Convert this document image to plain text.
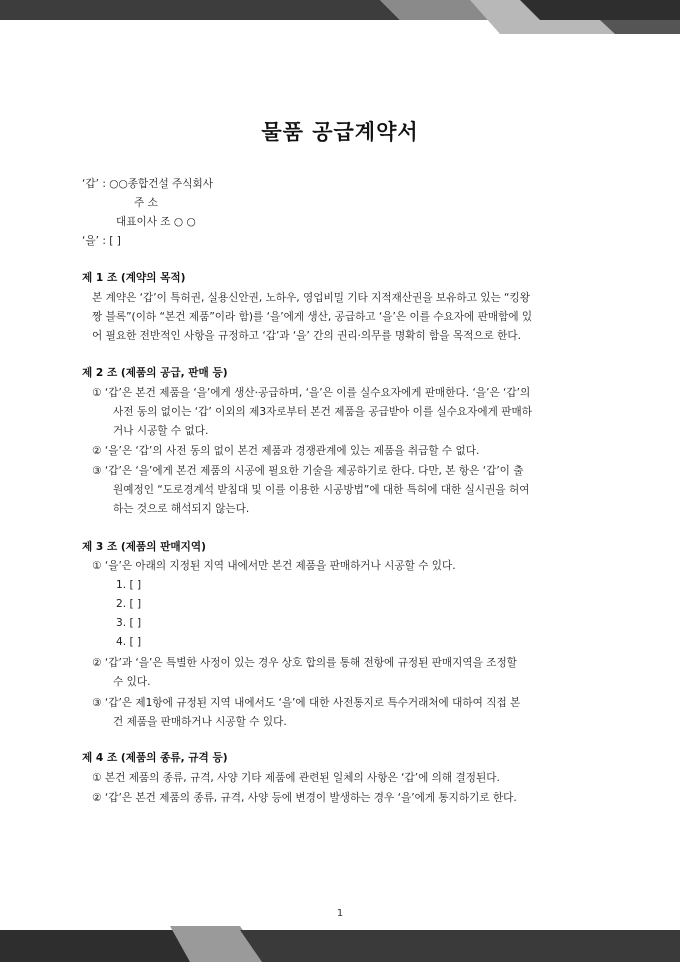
물품 공급계약서
‘갑’ : ○○종합건설 주식회사
주 소
대표이사 조 ○ ○
‘을’ : [ ]
제 1 조 (계약의 목적)
본 계약은 ‘갑’이 특허권, 실용신안권, 노하우, 영업비밀 기타 지적재산권을 보유하고 있는 “킹왕
짱 블록”(이하 “본건 제품”이라 함)를 ‘을’에게 생산, 공급하고 ‘을’은 이를 수요자에 판매함에 있
어 필요한 전반적인 사항을 규정하고 ‘갑’과 ‘을’ 간의 권리·의무를 명확히 함을 목적으로 한다.
제 2 조 (제품의 공급, 판매 등)
① ‘갑’은 본건 제품을 ‘을’에게 생산·공급하며, ‘을’은 이를 실수요자에게 판매한다. ‘을’은 ‘갑’의
사전 동의 없이는 ‘갑’ 이외의 제3자로부터 본건 제품을 공급받아 이를 실수요자에게 판매하
거나 시공할 수 없다.
② ‘을’은 ‘갑’의 사전 동의 없이 본건 제품과 경쟁관계에 있는 제품을 취급할 수 없다.
③ ‘갑’은 ‘을’에게 본건 제품의 시공에 필요한 기술을 제공하기로 한다. 다만, 본 항은 ‘갑’이 출
원예정인 “도로경계석 받침대 및 이를 이용한 시공방법”에 대한 특허에 대한 실시권을 허여
하는 것으로 해석되지 않는다.
제 3 조 (제품의 판매지역)
① ‘을’은 아래의 지정된 지역 내에서만 본건 제품을 판매하거나 시공할 수 있다.
1. [ ]
2. [ ]
3. [ ]
4. [ ]
② ‘갑’과 ‘을’은 특별한 사정이 있는 경우 상호 합의를 통해 전항에 규정된 판매지역을 조정할
수 있다.
③ ‘갑’은 제1항에 규정된 지역 내에서도 ‘을’에 대한 사전통지로 특수거래처에 대하여 직접 본
건 제품을 판매하거나 시공할 수 있다.
제 4 조 (제품의 종류, 규격 등)
① 본건 제품의 종류, 규격, 사양 기타 제품에 관련된 일체의 사항은 ‘갑’에 의해 결정된다.
② ‘갑’은 본건 제품의 종류, 규격, 사양 등에 변경이 발생하는 경우 ‘을’에게 통지하기로 한다.
1
